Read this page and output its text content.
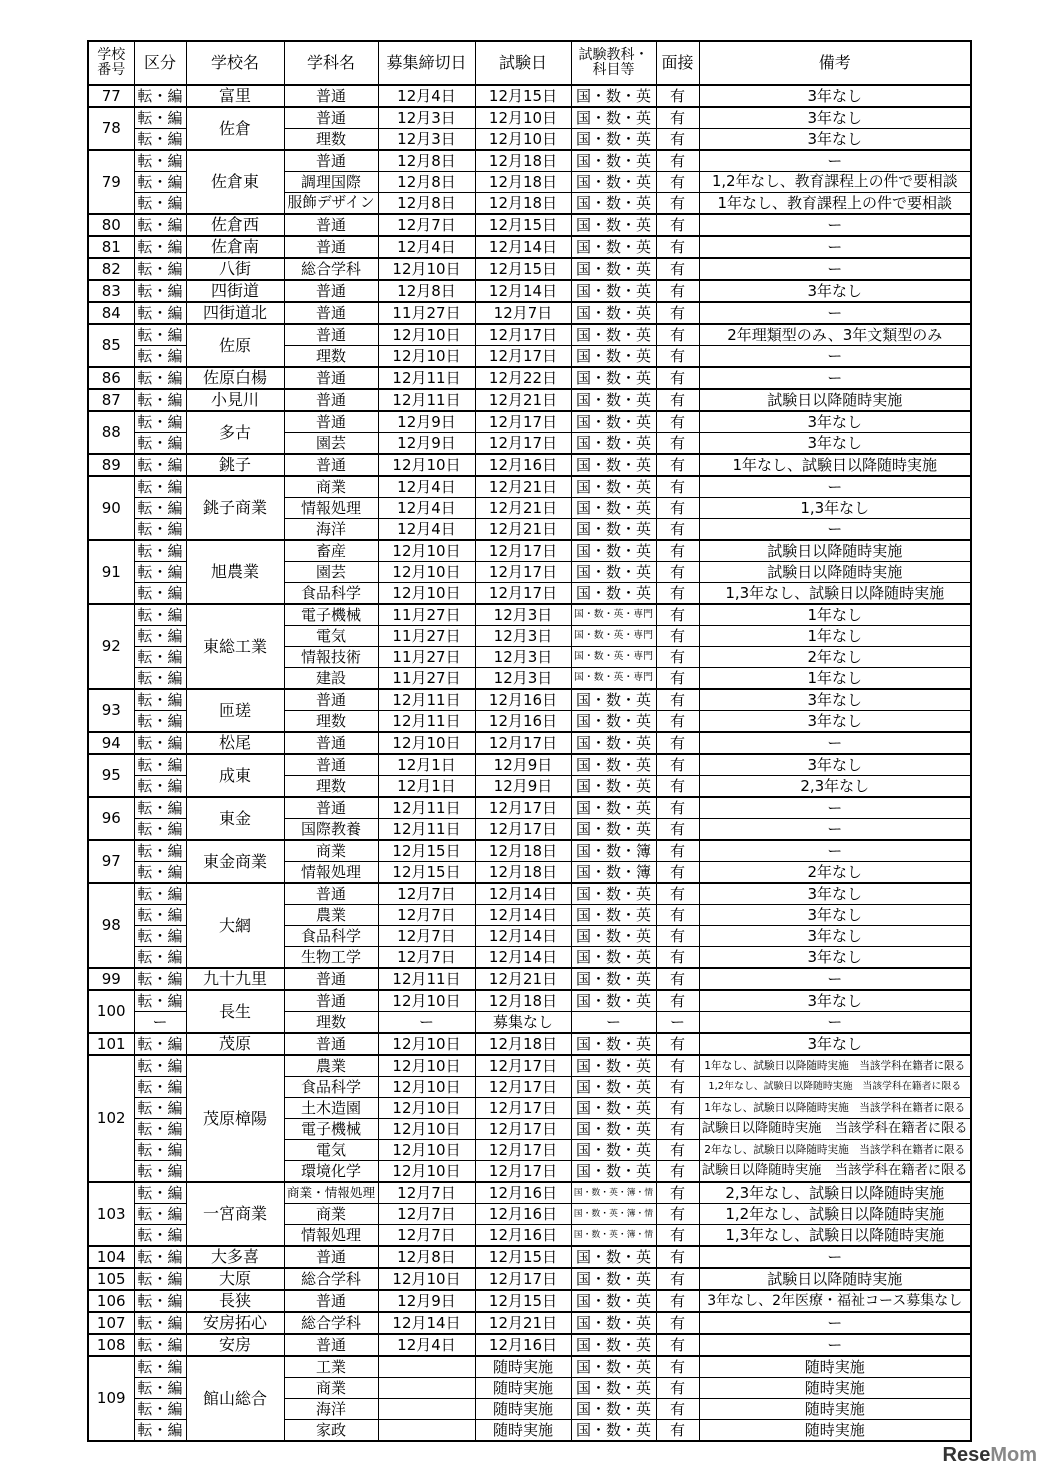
学校
番号	区分	学校名	学科名	募集締切日	試験日	試験教科・
科目等	面接	備考
77	転・編	富里	普通	12月4日	12月15日	国・数・英	有	3年なし
78	転・編	佐倉	普通	12月3日	12月10日	国・数・英	有	3年なし
	転・編		理数	12月3日	12月10日	国・数・英	有	3年なし
79	転・編	佐倉東	普通	12月8日	12月18日	国・数・英	有	ー
	転・編		調理国際	12月8日	12月18日	国・数・英	有	1,2年なし、教育課程上の件で要相談
	転・編		服飾デザイン	12月8日	12月18日	国・数・英	有	1年なし、教育課程上の件で要相談
80	転・編	佐倉西	普通	12月7日	12月15日	国・数・英	有	ー
81	転・編	佐倉南	普通	12月4日	12月14日	国・数・英	有	ー
82	転・編	八街	総合学科	12月10日	12月15日	国・数・英	有	ー
83	転・編	四街道	普通	12月8日	12月14日	国・数・英	有	3年なし
84	転・編	四街道北	普通	11月27日	12月7日	国・数・英	有	ー
85	転・編	佐原	普通	12月10日	12月17日	国・数・英	有	2年理類型のみ、3年文類型のみ
	転・編		理数	12月10日	12月17日	国・数・英	有	ー
86	転・編	佐原白楊	普通	12月11日	12月22日	国・数・英	有	ー
87	転・編	小見川	普通	12月11日	12月21日	国・数・英	有	試験日以降随時実施
88	転・編	多古	普通	12月9日	12月17日	国・数・英	有	3年なし
	転・編		園芸	12月9日	12月17日	国・数・英	有	3年なし
89	転・編	銚子	普通	12月10日	12月16日	国・数・英	有	1年なし、試験日以降随時実施
90	転・編	銚子商業	商業	12月4日	12月21日	国・数・英	有	ー
	転・編		情報処理	12月4日	12月21日	国・数・英	有	1,3年なし
	転・編		海洋	12月4日	12月21日	国・数・英	有	ー
91	転・編	旭農業	畜産	12月10日	12月17日	国・数・英	有	試験日以降随時実施
	転・編		園芸	12月10日	12月17日	国・数・英	有	試験日以降随時実施
	転・編		食品科学	12月10日	12月17日	国・数・英	有	1,3年なし、試験日以降随時実施
92	転・編	東総工業	電子機械	11月27日	12月3日	国・数・英・専門	有	1年なし
	転・編		電気	11月27日	12月3日	国・数・英・専門	有	1年なし
	転・編		情報技術	11月27日	12月3日	国・数・英・専門	有	2年なし
	転・編		建設	11月27日	12月3日	国・数・英・専門	有	1年なし
93	転・編	匝瑳	普通	12月11日	12月16日	国・数・英	有	3年なし
	転・編		理数	12月11日	12月16日	国・数・英	有	3年なし
94	転・編	松尾	普通	12月10日	12月17日	国・数・英	有	ー
95	転・編	成東	普通	12月1日	12月9日	国・数・英	有	3年なし
	転・編		理数	12月1日	12月9日	国・数・英	有	2,3年なし
96	転・編	東金	普通	12月11日	12月17日	国・数・英	有	ー
	転・編		国際教養	12月11日	12月17日	国・数・英	有	ー
97	転・編	東金商業	商業	12月15日	12月18日	国・数・簿	有	ー
	転・編		情報処理	12月15日	12月18日	国・数・簿	有	2年なし
98	転・編	大網	普通	12月7日	12月14日	国・数・英	有	3年なし
	転・編		農業	12月7日	12月14日	国・数・英	有	3年なし
	転・編		食品科学	12月7日	12月14日	国・数・英	有	3年なし
	転・編		生物工学	12月7日	12月14日	国・数・英	有	3年なし
99	転・編	九十九里	普通	12月11日	12月21日	国・数・英	有	ー
100	転・編	長生	普通	12月10日	12月18日	国・数・英	有	3年なし
	ー		理数	ー	募集なし	ー	ー	ー
101	転・編	茂原	普通	12月10日	12月18日	国・数・英	有	3年なし
102	転・編	茂原樟陽	農業	12月10日	12月17日	国・数・英	有	1年なし、試験日以降随時実施　当該学科在籍者に限る
	転・編		食品科学	12月10日	12月17日	国・数・英	有	1,2年なし、試験日以降随時実施　当該学科在籍者に限る
	転・編		土木造園	12月10日	12月17日	国・数・英	有	1年なし、試験日以降随時実施　当該学科在籍者に限る
	転・編		電子機械	12月10日	12月17日	国・数・英	有	試験日以降随時実施　当該学科在籍者に限る
	転・編		電気	12月10日	12月17日	国・数・英	有	2年なし、試験日以降随時実施　当該学科在籍者に限る
	転・編		環境化学	12月10日	12月17日	国・数・英	有	試験日以降随時実施　当該学科在籍者に限る
103	転・編	一宮商業	商業・情報処理	12月7日	12月16日	国・数・英・簿・情	有	2,3年なし、試験日以降随時実施
	転・編		商業	12月7日	12月16日	国・数・英・簿・情	有	1,2年なし、試験日以降随時実施
	転・編		情報処理	12月7日	12月16日	国・数・英・簿・情	有	1,3年なし、試験日以降随時実施
104	転・編	大多喜	普通	12月8日	12月15日	国・数・英	有	ー
105	転・編	大原	総合学科	12月10日	12月17日	国・数・英	有	試験日以降随時実施
106	転・編	長狭	普通	12月9日	12月15日	国・数・英	有	3年なし、2年医療・福祉コース募集なし
107	転・編	安房拓心	総合学科	12月14日	12月21日	国・数・英	有	ー
108	転・編	安房	普通	12月4日	12月16日	国・数・英	有	ー
109	転・編	館山総合	工業		随時実施	国・数・英	有	随時実施
	転・編		商業		随時実施	国・数・英	有	随時実施
	転・編		海洋		随時実施	国・数・英	有	随時実施
	転・編		家政		随時実施	国・数・英	有	随時実施
ReseMom
